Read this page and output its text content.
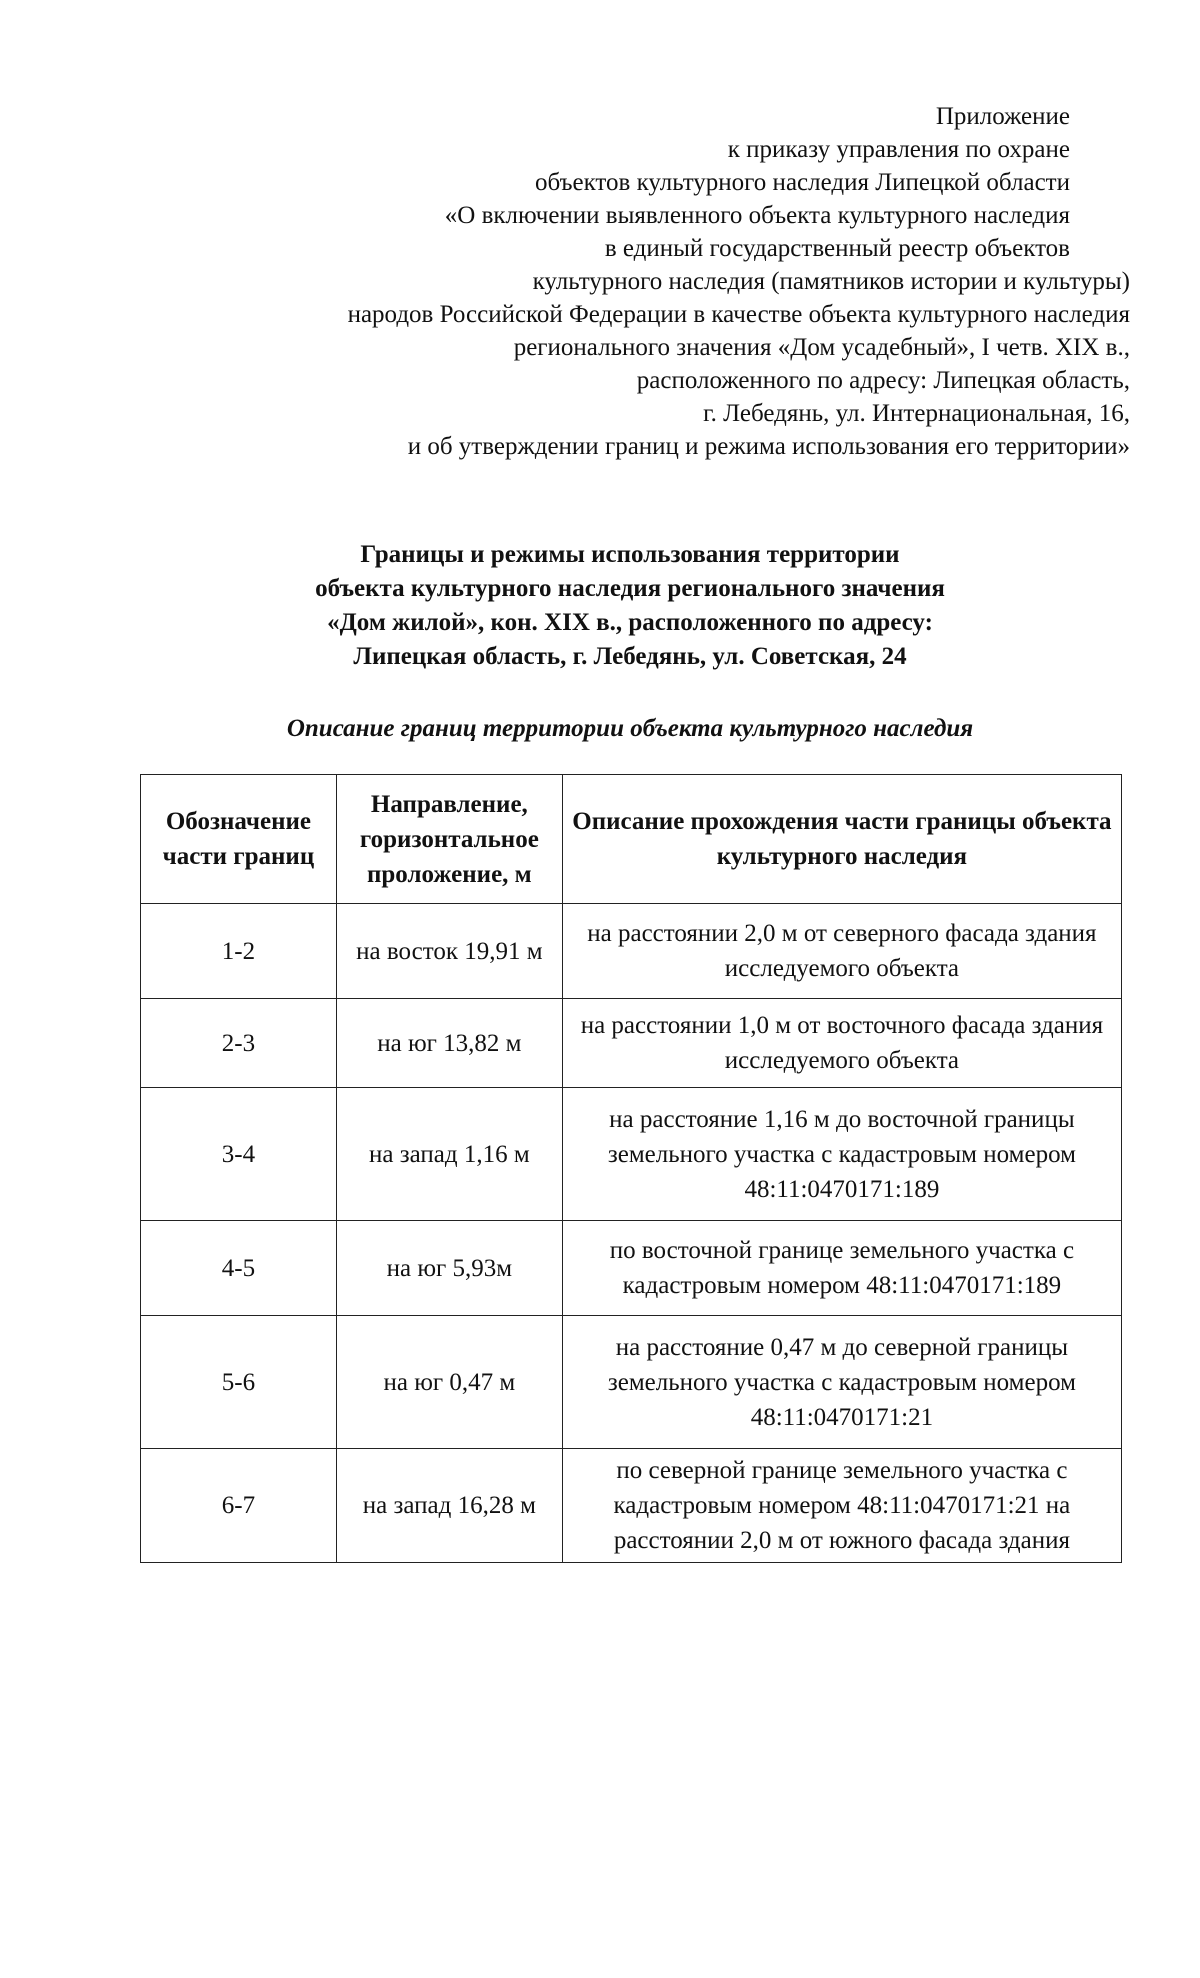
Приложение
к приказу управления по охране
объектов культурного наследия Липецкой области
«О включении выявленного объекта культурного наследия
в единый государственный реестр объектов
культурного наследия (памятников истории и культуры)
народов Российской Федерации в качестве объекта культурного наследия
регионального значения «Дом усадебный», I четв. XIX в.,
расположенного по адресу: Липецкая область,
г. Лебедянь, ул. Интернациональная, 16,
и об утверждении границ и режима использования его территории»
Границы и режимы использования территории
объекта культурного наследия регионального значения
«Дом жилой», кон. XIX в., расположенного по адресу:
Липецкая область, г. Лебедянь, ул. Советская, 24
Описание границ территории объекта культурного наследия
Обозначение части границ	Направление, горизонтальное проложение, м	Описание прохождения части границы объекта культурного наследия
1-2	на восток 19,91 м	на расстоянии 2,0 м от северного фасада здания исследуемого объекта
2-3	на юг 13,82 м	на расстоянии 1,0 м от восточного фасада здания исследуемого объекта
3-4	на запад 1,16 м	на расстояние 1,16 м до восточной границы земельного участка с кадастровым номером 48:11:0470171:189
4-5	на юг 5,93м	по восточной границе земельного участка с кадастровым номером 48:11:0470171:189
5-6	на юг 0,47 м	на расстояние 0,47 м до северной границы земельного участка с кадастровым номером 48:11:0470171:21
6-7	на запад 16,28 м	по северной границе земельного участка с кадастровым номером 48:11:0470171:21 на расстоянии 2,0 м от южного фасада здания
